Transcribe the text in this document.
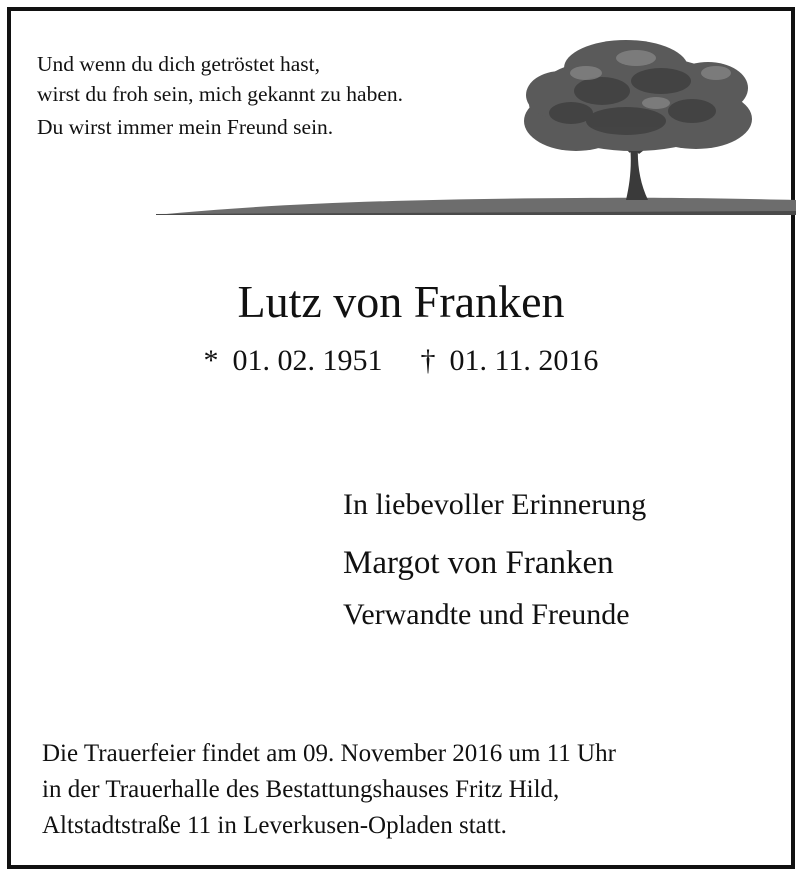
Und wenn du dich getröstet hast,
wirst du froh sein, mich gekannt zu haben.
Du wirst immer mein Freund sein.
Lutz von Franken
* 01. 02. 1951 † 01. 11. 2016
In liebevoller Erinnerung
Margot von Franken
Verwandte und Freunde
Die Trauerfeier findet am 09. November 2016 um 11 Uhr
in der Trauerhalle des Bestattungshauses Fritz Hild,
Altstadtstraße 11 in Leverkusen-Opladen statt.
